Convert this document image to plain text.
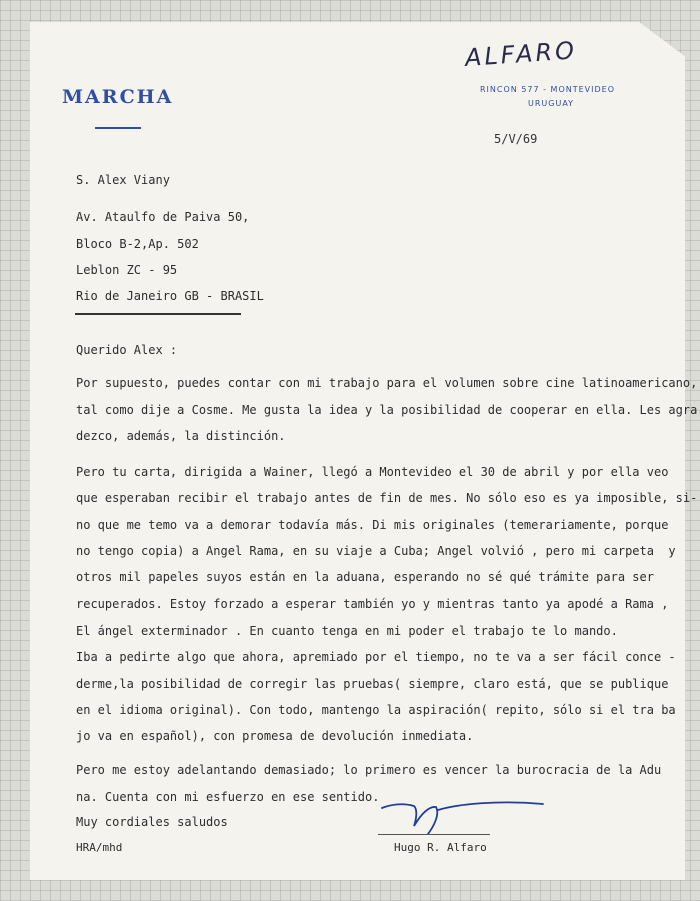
MARCHA
ALFARO
RINCON 577 - MONTEVIDEO
URUGUAY
5/V/69
S. Alex Viany
Av. Ataulfo de Paiva 50,
Bloco B-2,Ap. 502
Leblon ZC - 95
Rio de Janeiro GB - BRASIL
Querido Alex :
Por supuesto, puedes contar con mi trabajo para el volumen sobre cine latinoamericano,
tal como dije a Cosme. Me gusta la idea y la posibilidad de cooperar en ella. Les agra
dezco, además, la distinción.
Pero tu carta, dirigida a Wainer, llegó a Montevideo el 30 de abril y por ella veo
que esperaban recibir el trabajo antes de fin de mes. No sólo eso es ya imposible, si-
no que me temo va a demorar todavía más. Di mis originales (temerariamente, porque
no tengo copia) a Angel Rama, en su viaje a Cuba; Angel volvió , pero mi carpeta  y
otros mil papeles suyos están en la aduana, esperando no sé qué trámite para ser
recuperados. Estoy forzado a esperar también yo y mientras tanto ya apodé a Rama ,
El ángel exterminador . En cuanto tenga en mi poder el trabajo te lo mando.
Iba a pedirte algo que ahora, apremiado por el tiempo, no te va a ser fácil conce -
derme,la posibilidad de corregir las pruebas( siempre, claro está, que se publique
en el idioma original). Con todo, mantengo la aspiración( repito, sólo si el tra ba
jo va en español), con promesa de devolución inmediata.
Pero me estoy adelantando demasiado; lo primero es vencer la burocracia de la Adu
na. Cuenta con mi esfuerzo en ese sentido.
Muy cordiales saludos
HRA/mhd	Hugo R. Alfaro
